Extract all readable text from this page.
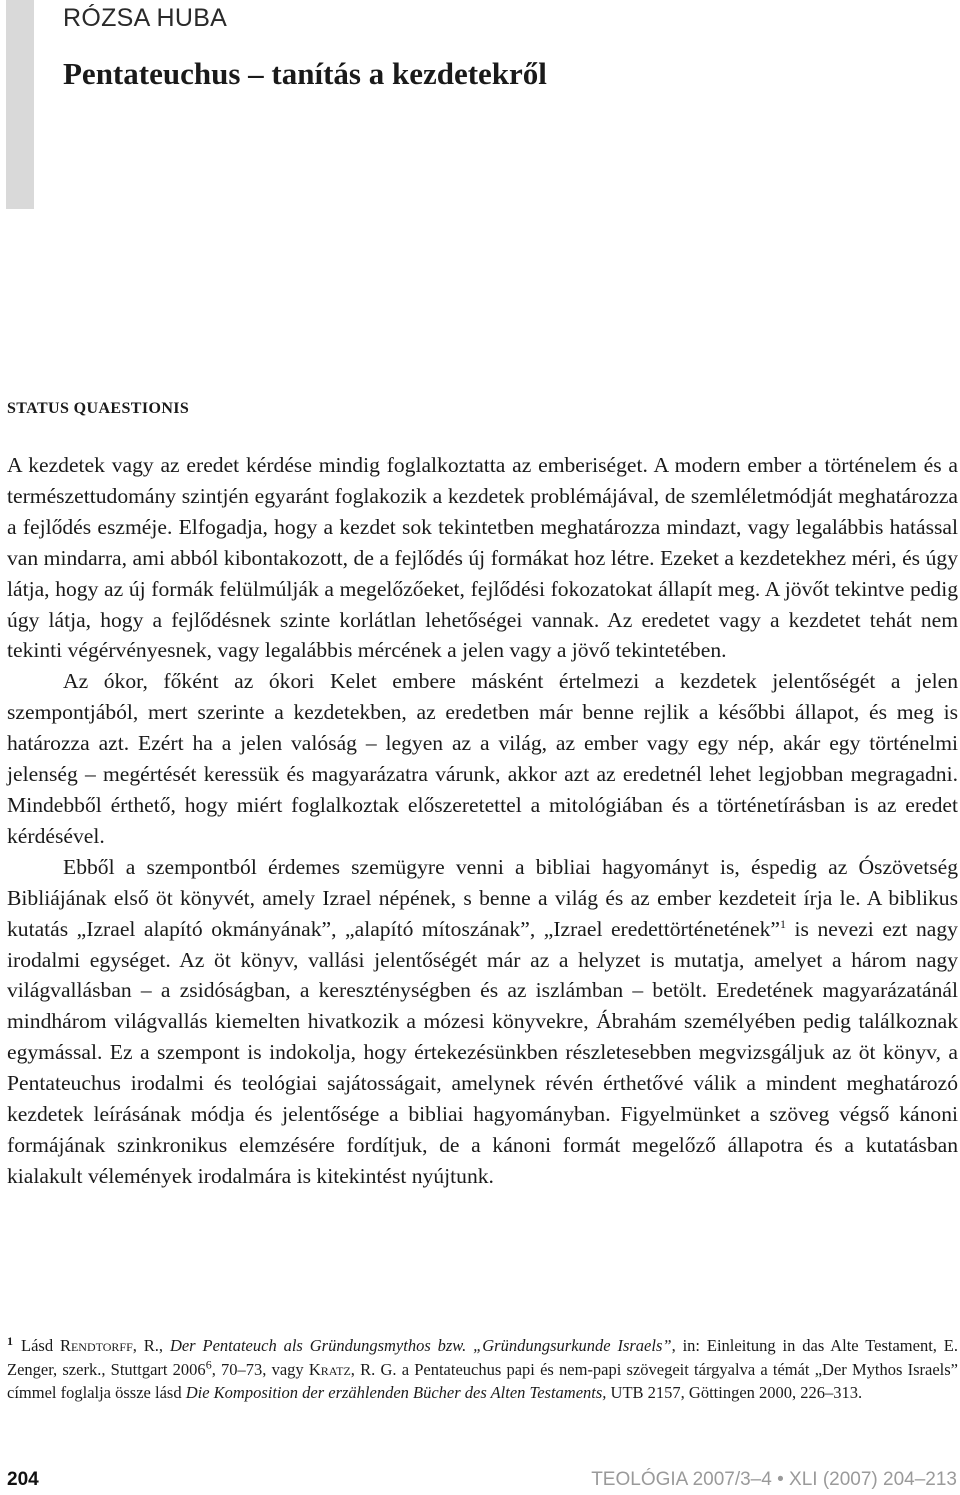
RÓZSA HUBA
Pentateuchus – tanítás a kezdetekről
STATUS QUAESTIONIS

A kezdetek vagy az eredet kérdése mindig foglalkoztatta az emberiséget. A modern ember a történelem és a természettudomány szintjén egyaránt foglakozik a kezdetek problémájával, de szemléletmódját meghatározza a fejlődés eszméje. Elfogadja, hogy a kezdet sok tekintetben meghatározza mindazt, vagy legalábbis hatással van mindarra, ami abból kibontakozott, de a fejlődés új formákat hoz létre. Ezeket a kezdetekhez méri, és úgy látja, hogy az új formák felülmúlják a megelőzőeket, fejlődési fokozatokat állapít meg. A jövőt tekintve pedig úgy látja, hogy a fejlődésnek szinte korlátlan lehetőségei vannak. Az eredetet vagy a kezdetet tehát nem tekinti végérvényesnek, vagy legalábbis mércének a jelen vagy a jövő tekintetében.

Az ókor, főként az ókori Kelet embere másként értelmezi a kezdetek jelentőségét a jelen szempontjából, mert szerinte a kezdetekben, az eredetben már benne rejlik a későbbi állapot, és meg is határozza azt. Ezért ha a jelen valóság – legyen az a világ, az ember vagy egy nép, akár egy történelmi jelenség – megértését keressük és magyarázatra várunk, akkor azt az eredetnél lehet legjobban megragadni. Mindebből érthető, hogy miért foglalkoztak előszeretettel a mitológiában és a történetírásban is az eredet kérdésével.

Ebből a szempontból érdemes szemügyre venni a bibliai hagyományt is, éspedig az Ószövetség Bibliájának első öt könyvét, amely Izrael népének, s benne a világ és az ember kezdeteit írja le. A biblikus kutatás „Izrael alapító okmányának”, „alapító mítoszának”, „Izrael eredettörténetének”$^1$ is nevezi ezt nagy irodalmi egységet. Az öt könyv, vallási jelentőségét már az a helyzet is mutatja, amelyet a három nagy világvallásban – a zsidóságban, a kereszténységben és az iszlámban – betölt. Eredetének magyarázatánál mindhárom világvallás kiemelten hivatkozik a mózesi könyvekre, Ábrahám személyében pedig találkoznak egymással. Ez a szempont is indokolja, hogy értekezésünkben részletesebben megvizsgáljuk az öt könyv, a Pentateuchus irodalmi és teológiai sajátosságait, amelynek révén érthetővé válik a mindent meghatározó kezdetek leírásának módja és jelentősége a bibliai hagyományban. Figyelmünket a szöveg végső kánoni formájának szinkronikus elemzésére fordítjuk, de a kánoni formát megelőző állapotra és a kutatásban kialakult vélemények irodalmára is kitekintést nyújtunk.

$^1$ Lásd Rendtorff, R., Der Pentateuch als Gründungsmythos bzw. „Gründungsurkunde Israels”, in: Einleitung in das Alte Testament, E. Zenger, szerk., Stuttgart 2006$^6$, 70–73, vagy Kratz, R. G. a Pentateuchus papi és nem-papi szövegeit tárgyalva a témát „Der Mythos Israels” címmel foglalja össze lásd Die Komposition der erzählenden Bücher des Alten Testaments, UTB 2157, Göttingen 2000, 226–313.
204	TEOLÓGIA 2007/3–4 • XLI (2007) 204–213
